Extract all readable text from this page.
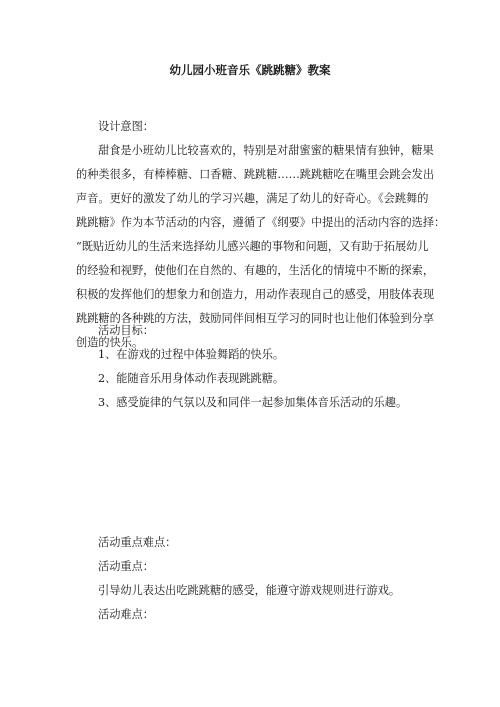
幼儿园小班音乐《跳跳糖》教案
设计意图：
甜食是小班幼儿比较喜欢的，特别是对甜蜜蜜的糖果情有独钟，糖果
的种类很多，有棒棒糖、口香糖、跳跳糖……跳跳糖吃在嘴里会跳会发出
声音。更好的激发了幼儿的学习兴趣，满足了幼儿的好奇心。《会跳舞的
跳跳糖》作为本节活动的内容，遵循了《纲要》中提出的活动内容的选择：
“既贴近幼儿的生活来选择幼儿感兴趣的事物和问题，又有助于拓展幼儿
的经验和视野，使他们在自然的、有趣的，生活化的情境中不断的探索，
积极的发挥他们的想象力和创造力，用动作表现自己的感受，用肢体表现
跳跳糖的各种跳的方法，鼓励同伴间相互学习的同时也让他们体验到分享
创造的快乐。
活动目标：
1、在游戏的过程中体验舞蹈的快乐。
2、能随音乐用身体动作表现跳跳糖。
3、感受旋律的气氛以及和同伴一起参加集体音乐活动的乐趣。
活动重点难点：
活动重点：
引导幼儿表达出吃跳跳糖的感受，能遵守游戏规则进行游戏。
活动难点：
